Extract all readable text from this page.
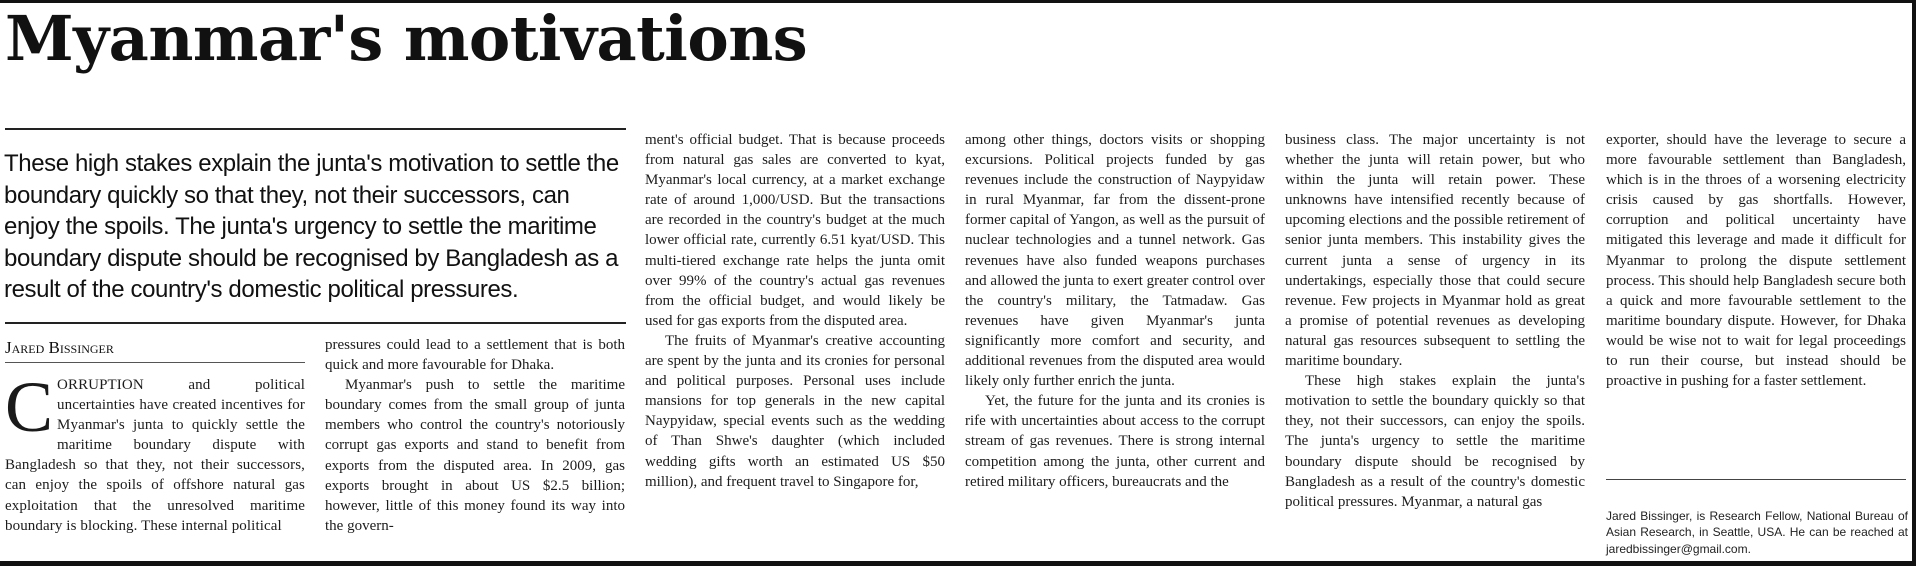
Myanmar's motivations

These high stakes explain the junta's motivation to settle the boundary quickly so that they, not their successors, can enjoy the spoils. The junta's urgency to settle the maritime boundary dispute should be recognised by Bangladesh as a result of the country's domestic political pressures.

Jared Bissinger
C ORRUPTION and political uncertainties have created incentives for Myanmar's junta to quickly settle the maritime boundary dispute with Bangladesh so that they, not their successors, can enjoy the spoils of offshore natural gas exploitation that the unresolved maritime boundary is blocking. These internal political

pressures could lead to a settlement that is both quick and more favourable for Dhaka.

Myanmar's push to settle the maritime boundary comes from the small group of junta members who control the country's notoriously corrupt gas exports and stand to benefit from exports from the disputed area. In 2009, gas exports brought in about US $2.5 billion; however, little of this money found its way into the govern-

ment's official budget. That is because proceeds from natural gas sales are converted to kyat, Myanmar's local currency, at a market exchange rate of around 1,000/USD. But the transactions are recorded in the country's budget at the much lower official rate, currently 6.51 kyat/USD. This multi-tiered exchange rate helps the junta omit over 99% of the country's actual gas revenues from the official budget, and would likely be used for gas exports from the disputed area.

The fruits of Myanmar's creative accounting are spent by the junta and its cronies for personal and political purposes. Personal uses include mansions for top generals in the new capital Naypyidaw, special events such as the wedding of Than Shwe's daughter (which included wedding gifts worth an estimated US $50 million), and frequent travel to Singapore for,

among other things, doctors visits or shopping excursions. Political projects funded by gas revenues include the construction of Naypyidaw in rural Myanmar, far from the dissent-prone former capital of Yangon, as well as the pursuit of nuclear technologies and a tunnel network. Gas revenues have also funded weapons purchases and allowed the junta to exert greater control over the country's military, the Tatmadaw. Gas revenues have given Myanmar's junta significantly more comfort and security, and additional revenues from the disputed area would likely only further enrich the junta.

Yet, the future for the junta and its cronies is rife with uncertainties about access to the corrupt stream of gas revenues. There is strong internal competition among the junta, other current and retired military officers, bureaucrats and the

business class. The major uncertainty is not whether the junta will retain power, but who within the junta will retain power. These unknowns have intensified recently because of upcoming elections and the possible retirement of senior junta members. This instability gives the current junta a sense of urgency in its undertakings, especially those that could secure revenue. Few projects in Myanmar hold as great a promise of potential revenues as developing natural gas resources subsequent to settling the maritime boundary.

These high stakes explain the junta's motivation to settle the boundary quickly so that they, not their successors, can enjoy the spoils. The junta's urgency to settle the maritime boundary dispute should be recognised by Bangladesh as a result of the country's domestic political pressures. Myanmar, a natural gas

exporter, should have the leverage to secure a more favourable settlement than Bangladesh, which is in the throes of a worsening electricity crisis caused by gas shortfalls. However, corruption and political uncertainty have mitigated this leverage and made it difficult for Myanmar to prolong the dispute settlement process. This should help Bangladesh secure both a quick and more favourable settlement to the maritime boundary dispute. However, for Dhaka would be wise not to wait for legal proceedings to run their course, but instead should be proactive in pushing for a faster settlement.

Jared Bissinger, is Research Fellow, National Bureau of Asian Research, in Seattle, USA. He can be reached at jaredbissinger@gmail.com.
